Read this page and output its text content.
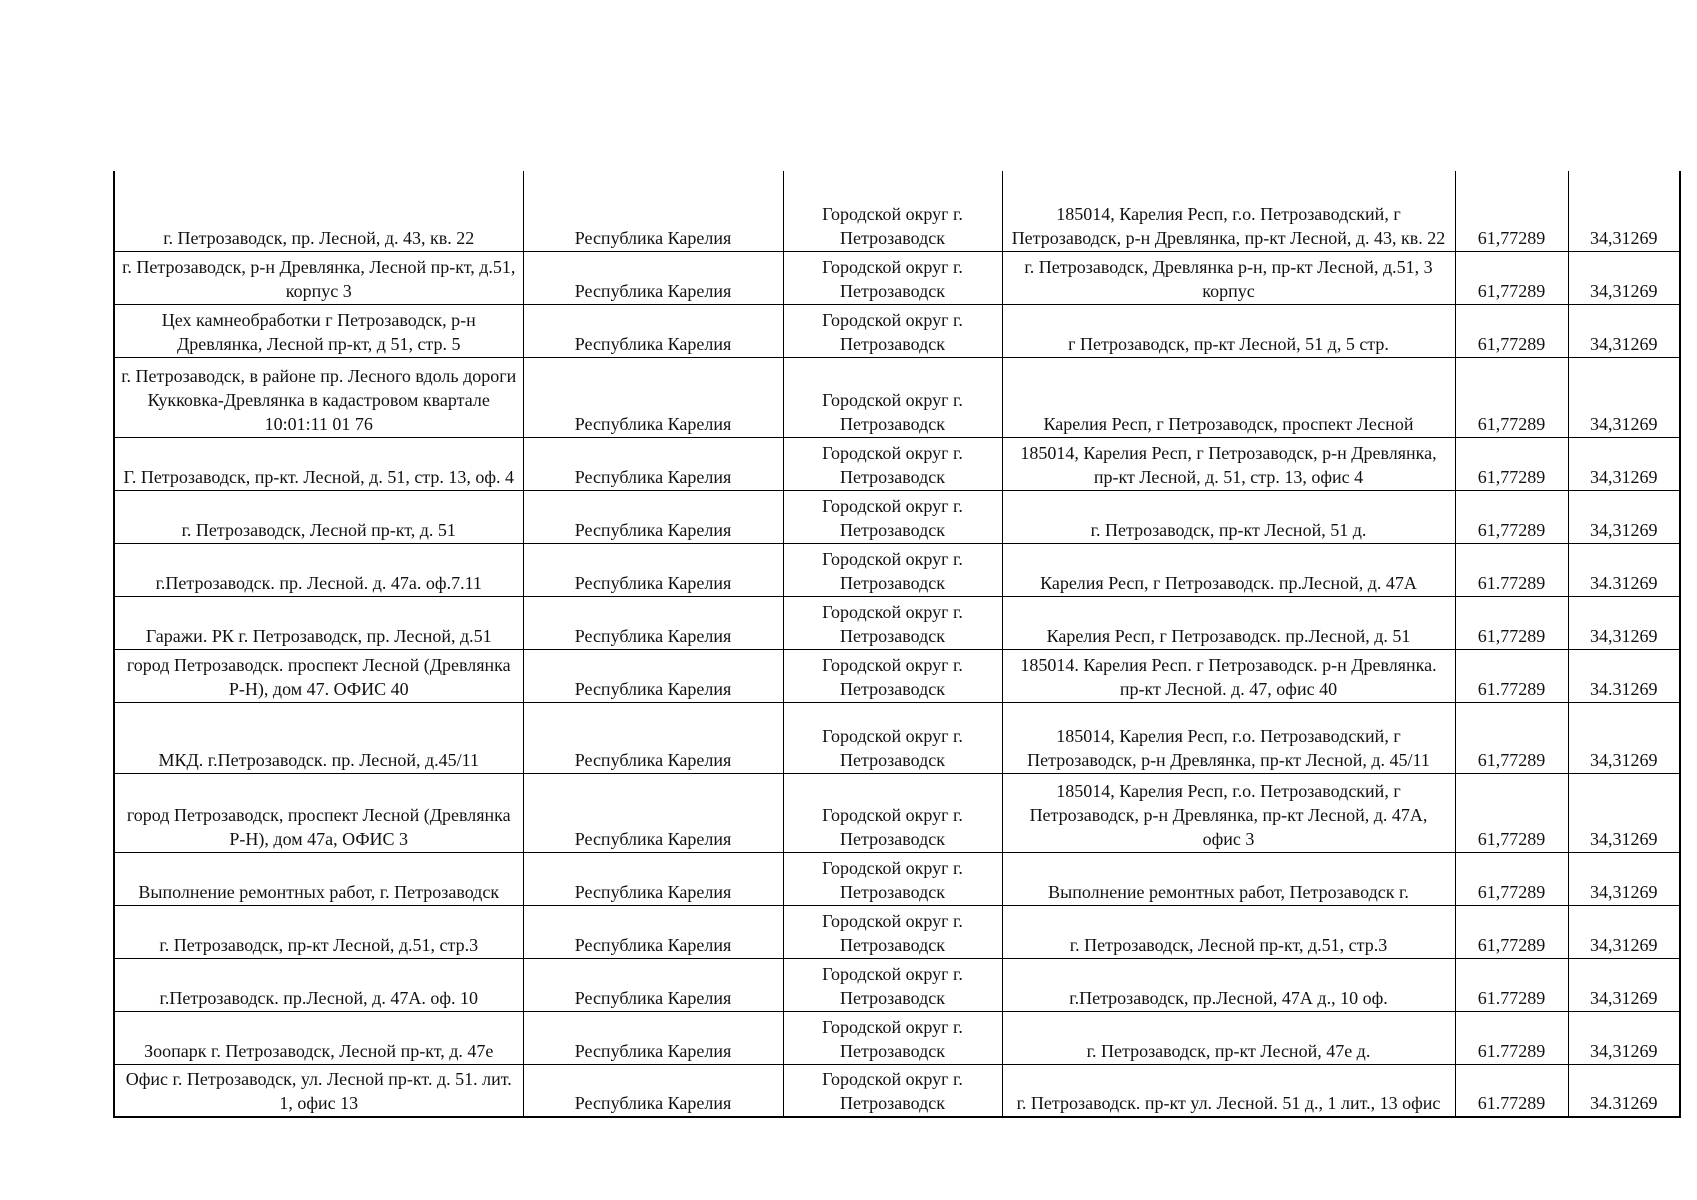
г. Петрозаводск, пр. Лесной, д. 43, кв. 22	Республика Карелия	Городской округ г. Петрозаводск	185014, Карелия Респ, г.о. Петрозаводский, г Петрозаводск, р-н Древлянка, пр-кт Лесной, д. 43, кв. 22	61,77289	34,31269
г. Петрозаводск, р-н Древлянка, Лесной пр-кт, д.51, корпус 3	Республика Карелия	Городской округ г. Петрозаводск	г. Петрозаводск, Древлянка р-н, пр-кт Лесной, д.51, 3 корпус	61,77289	34,31269
Цех камнеобработки г Петрозаводск, р-н Древлянка, Лесной пр-кт, д 51, стр. 5	Республика Карелия	Городской округ г. Петрозаводск	г Петрозаводск, пр-кт Лесной, 51 д, 5 стр.	61,77289	34,31269
г. Петрозаводск, в районе пр. Лесного вдоль дороги Кукковка-Древлянка в кадастровом квартале 10:01:11 01 76	Республика Карелия	Городской округ г. Петрозаводск	Карелия Респ, г Петрозаводск, проспект Лесной	61,77289	34,31269
Г. Петрозаводск, пр-кт. Лесной, д. 51, стр. 13, оф. 4	Республика Карелия	Городской округ г. Петрозаводск	185014, Карелия Респ, г Петрозаводск, р-н Древлянка, пр-кт Лесной, д. 51, стр. 13, офис 4	61,77289	34,31269
г. Петрозаводск, Лесной пр-кт, д. 51	Республика Карелия	Городской округ г. Петрозаводск	г. Петрозаводск, пр-кт Лесной, 51 д.	61,77289	34,31269
г.Петрозаводск. пр. Лесной. д. 47а. оф.7.11	Республика Карелия	Городской округ г. Петрозаводск	Карелия Респ, г Петрозаводск. пр.Лесной, д. 47А	61.77289	34.31269
Гаражи. РК г. Петрозаводск, пр. Лесной, д.51	Республика Карелия	Городской округ г. Петрозаводск	Карелия Респ, г Петрозаводск. пр.Лесной, д. 51	61,77289	34,31269
город Петрозаводск. проспект Лесной (Древлянка Р-Н), дом 47. ОФИС 40	Республика Карелия	Городской округ г. Петрозаводск	185014. Карелия Респ. г Петрозаводск. р-н Древлянка. пр-кт Лесной. д. 47, офис 40	61.77289	34.31269
МКД. г.Петрозаводск. пр. Лесной, д.45/11	Республика Карелия	Городской округ г. Петрозаводск	185014, Карелия Респ, г.о. Петрозаводский, г Петрозаводск, р-н Древлянка, пр-кт Лесной, д. 45/11	61,77289	34,31269
город Петрозаводск, проспект Лесной (Древлянка Р-Н), дом 47а, ОФИС 3	Республика Карелия	Городской округ г. Петрозаводск	185014, Карелия Респ, г.о. Петрозаводский, г Петрозаводск, р-н Древлянка, пр-кт Лесной, д. 47А, офис 3	61,77289	34,31269
Выполнение ремонтных работ, г. Петрозаводск	Республика Карелия	Городской округ г. Петрозаводск	Выполнение ремонтных работ, Петрозаводск г.	61,77289	34,31269
г. Петрозаводск, пр-кт Лесной, д.51, стр.3	Республика Карелия	Городской округ г. Петрозаводск	г. Петрозаводск, Лесной пр-кт, д.51, стр.3	61,77289	34,31269
г.Петрозаводск. пр.Лесной, д. 47А. оф. 10	Республика Карелия	Городской округ г. Петрозаводск	г.Петрозаводск, пр.Лесной, 47А д., 10 оф.	61.77289	34,31269
Зоопарк г. Петрозаводск, Лесной пр-кт, д. 47е	Республика Карелия	Городской округ г. Петрозаводск	г. Петрозаводск, пр-кт Лесной, 47е д.	61.77289	34,31269
Офис г. Петрозаводск, ул. Лесной пр-кт. д. 51. лит. 1, офис 13	Республика Карелия	Городской округ г. Петрозаводск	г. Петрозаводск. пр-кт ул. Лесной. 51 д., 1 лит., 13 офис	61.77289	34.31269
